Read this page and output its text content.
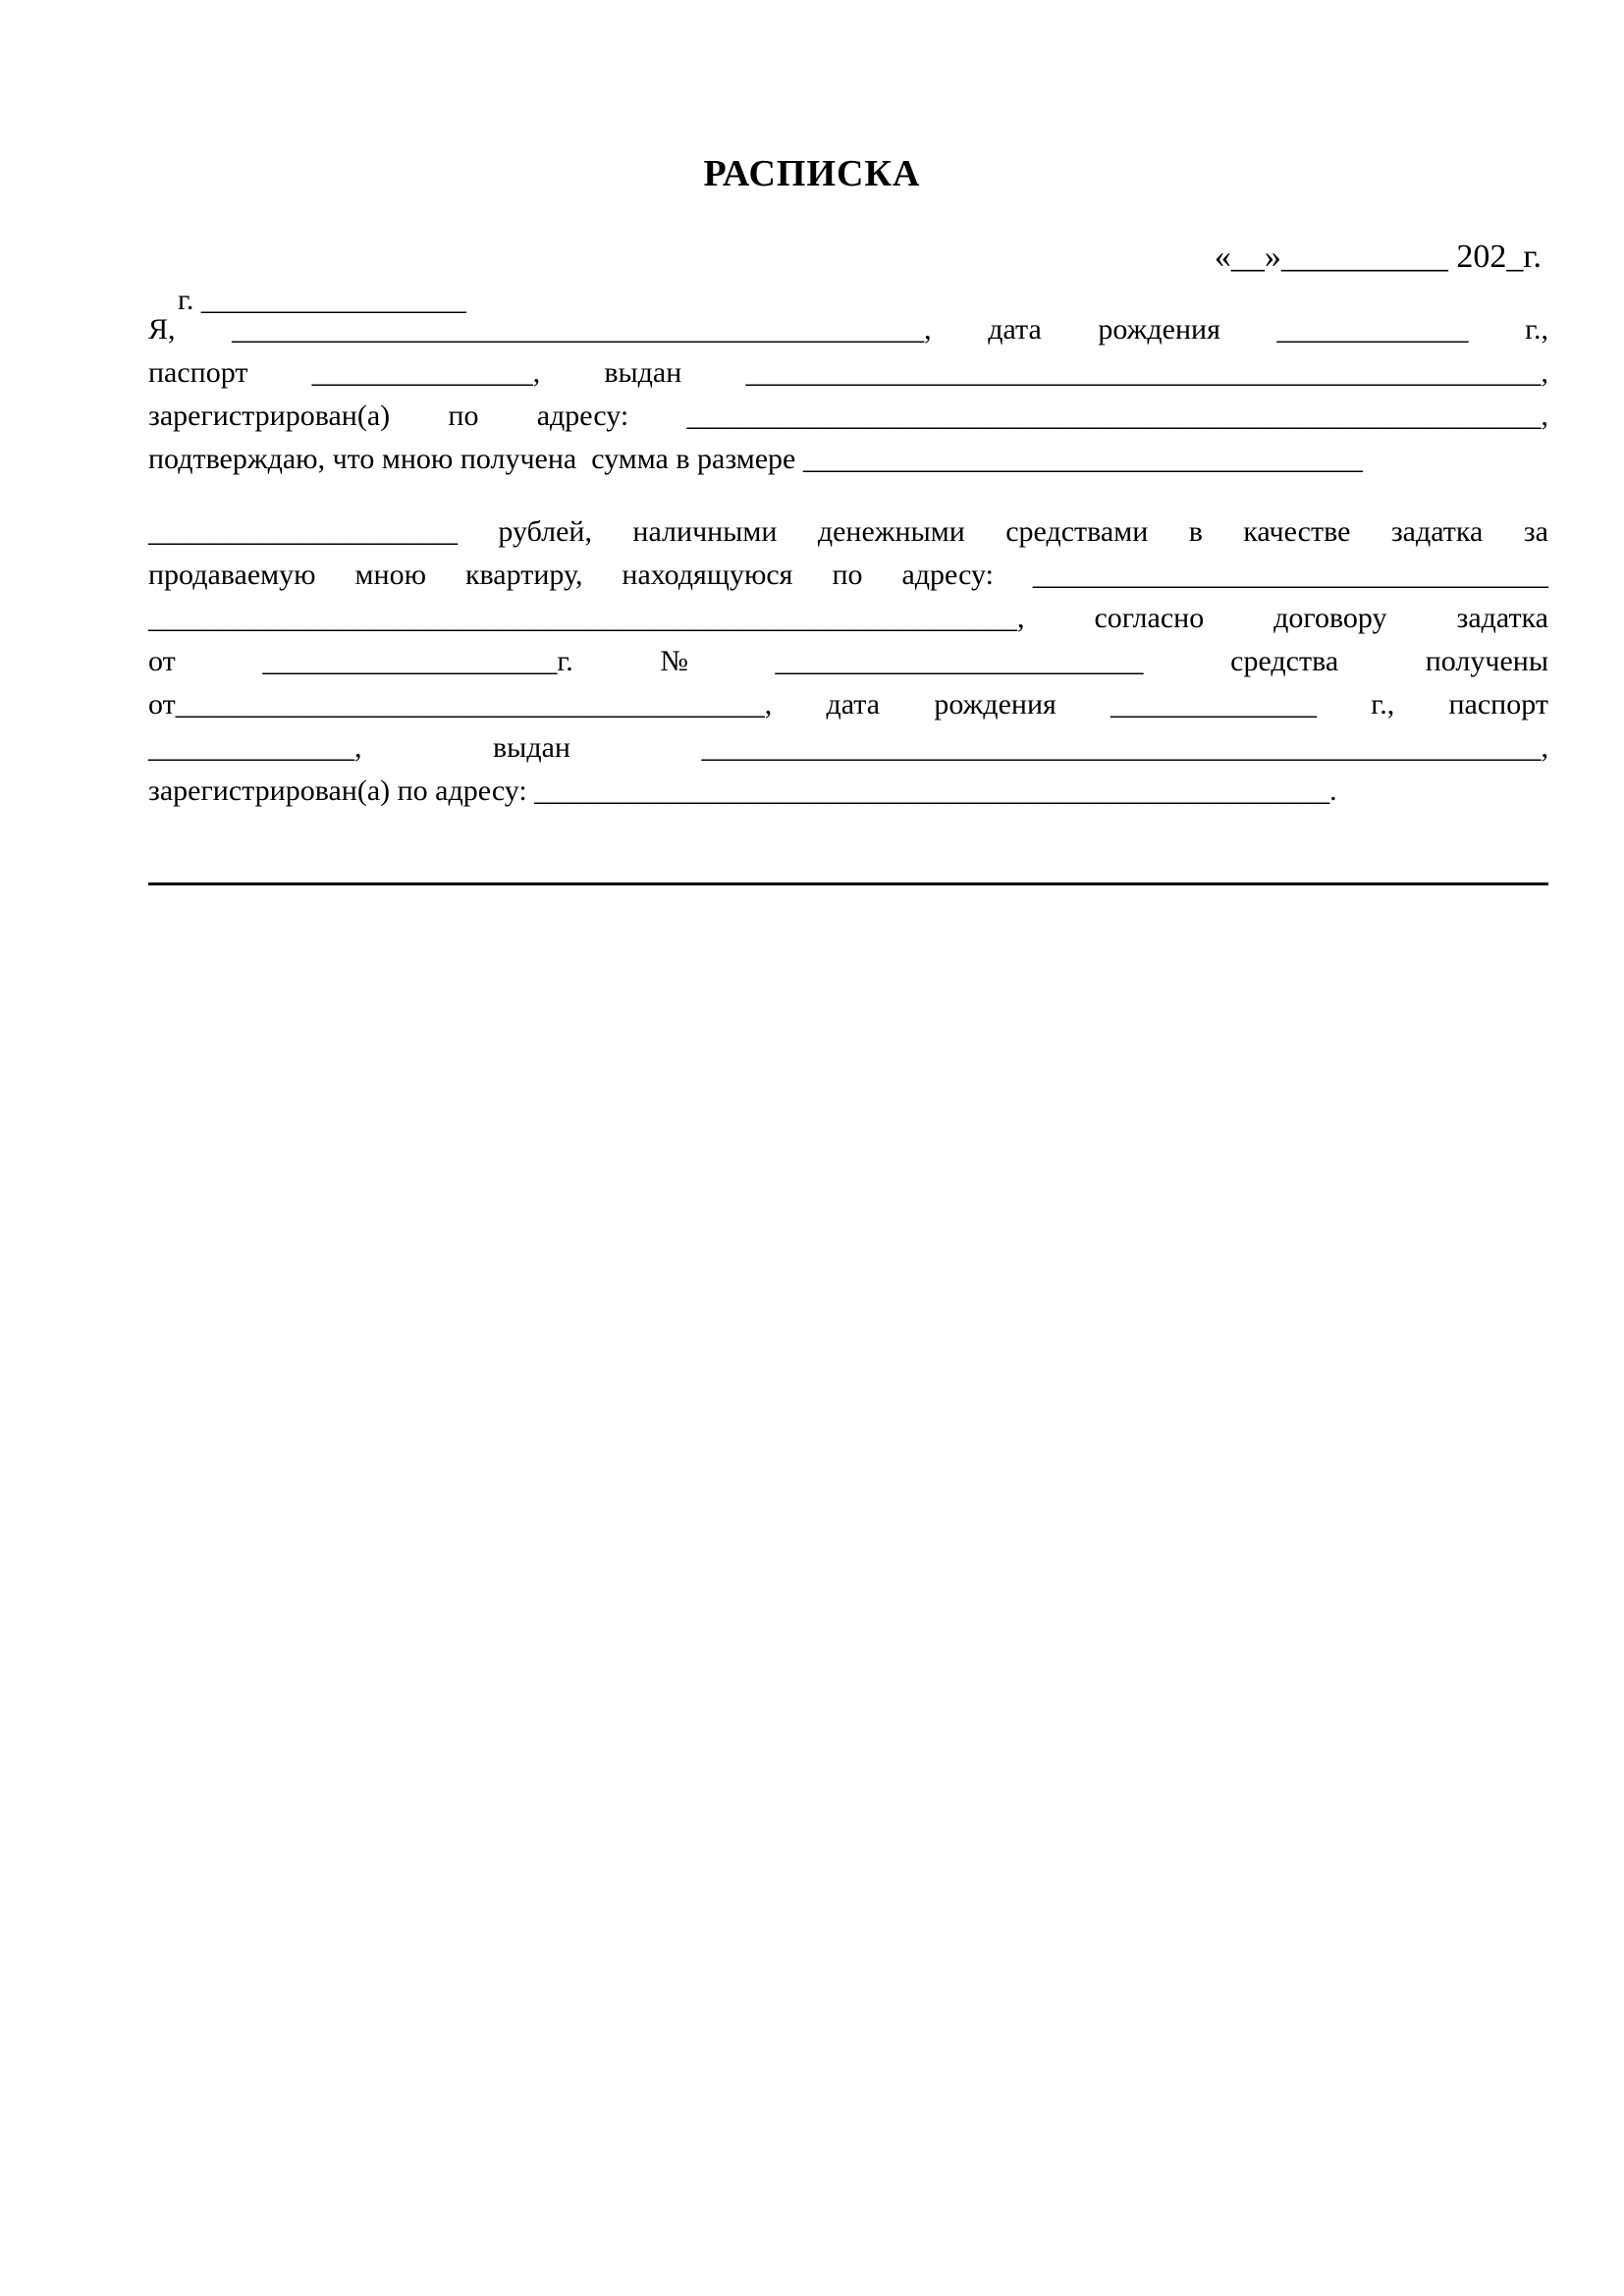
РАСПИСКА

г. __________________

«__»__________ 202_г.
Я, _______________________________________________, дата рождения _____________ г.,
паспорт _______________, выдан ______________________________________________________,
зарегистрирован(а) по адресу: __________________________________________________________,
подтверждаю, что мною получена  сумма в размере ______________________________________
_____________________ рублей, наличными денежными средствами в качестве задатка за
продаваемую мною квартиру, находящуюся по адресу: ___________________________________
___________________________________________________________, согласно договору задатка
от	____________________г.	№	_________________________	средства	получены
от________________________________________, дата рождения ______________ г., паспорт
______________,	выдан	_________________________________________________________,
зарегистрирован(а) по адресу: ______________________________________________________.
